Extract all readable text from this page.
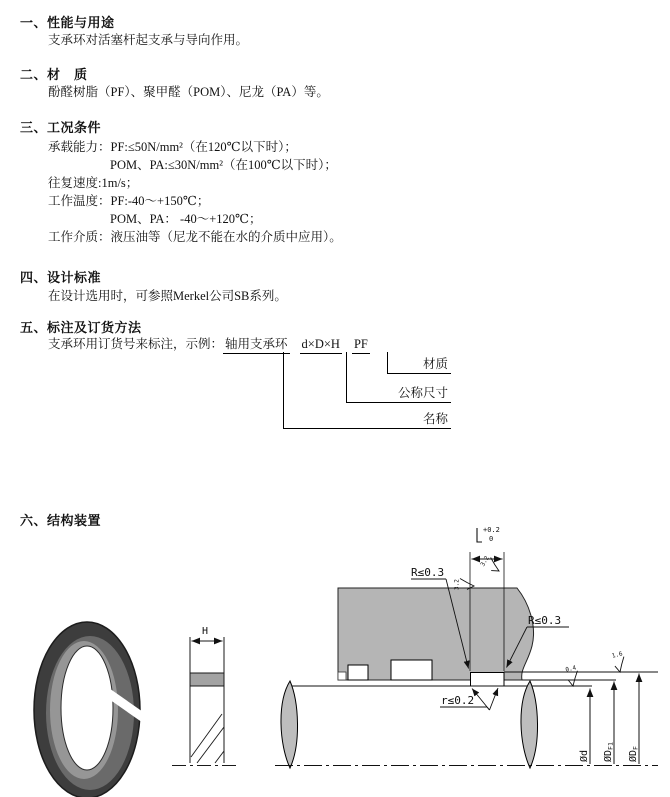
一、性能与用途
支承环对活塞杆起支承与导向作用。
二、材　质
酚醛树脂（PF）、聚甲醛（POM）、尼龙（PA）等。
三、工况条件
承载能力：PF:≤50N/mm²（在120℃以下时）；
POM、PA:≤30N/mm²（在100℃以下时）；
往复速度:1m/s；
工作温度：PF:-40～+150℃；
POM、PA： -40～+120℃；
工作介质：液压油等（尼龙不能在水的介质中应用）。
四、设计标准
在设计选用时，可参照Merkel公司SB系列。
五、标注及订货方法
支承环用订货号来标注，示例： 轴用支承环 d×D×H PF
材质
公称尺寸
名称
六、结构装置
H
+0.2
0
3.2
3.2
1.6
0.4
R≤0.3
R≤0.3
r≤0.2
Ød ØDF1
ØDF
